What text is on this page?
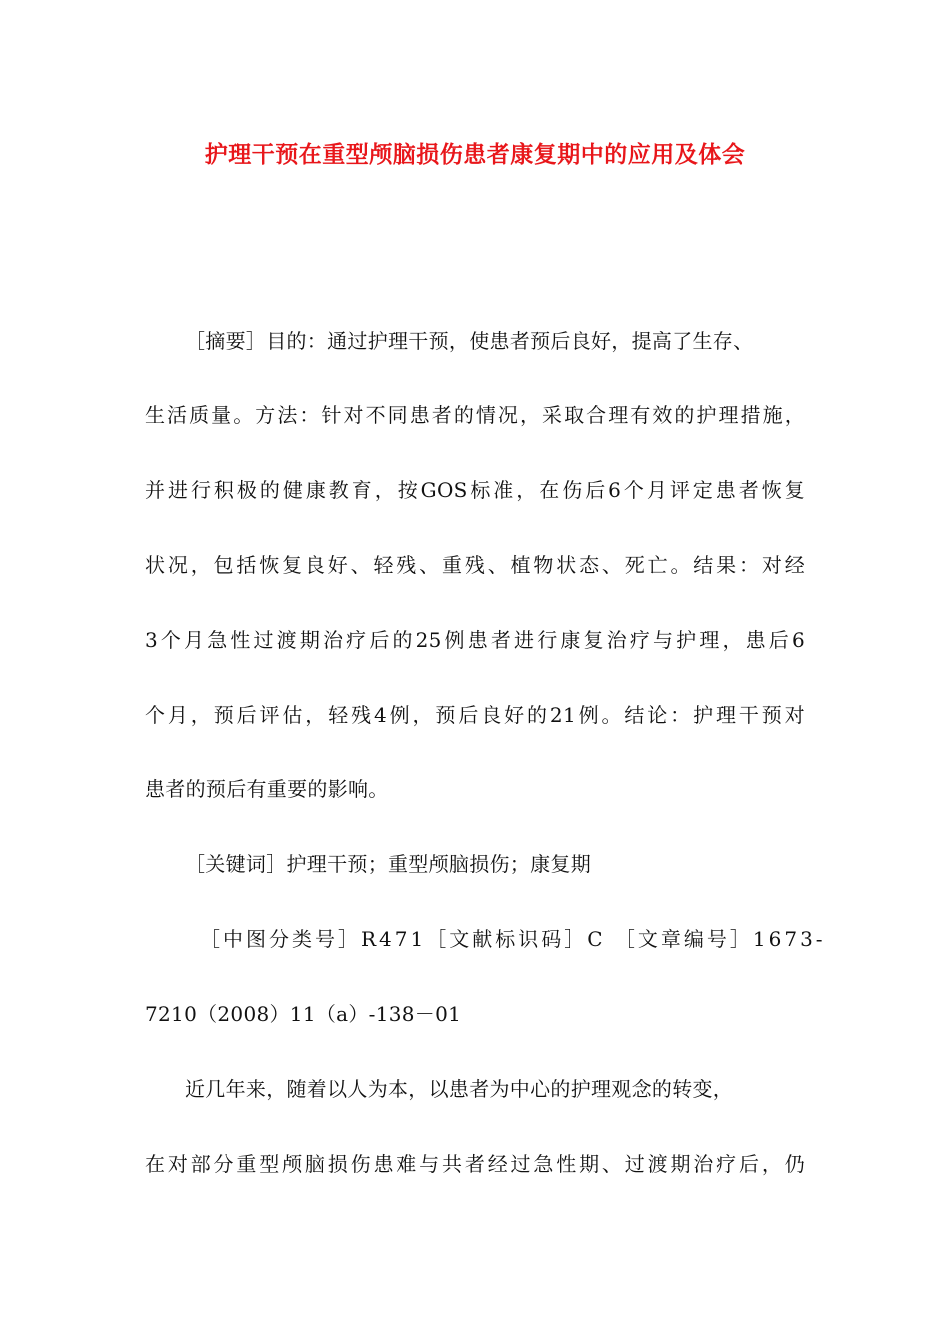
护理干预在重型颅脑损伤患者康复期中的应用及体会
［摘要］目的：通过护理干预，使患者预后良好，提高了生存、
生活质量。方法：针对不同患者的情况，采取合理有效的护理措施，
并进行积极的健康教育，按GOS标准，在伤后6个月评定患者恢复
状况，包括恢复良好、轻残、重残、植物状态、死亡。结果：对经
3个月急性过渡期治疗后的25例患者进行康复治疗与护理，患后6
个月，预后评估，轻残4例，预后良好的21例。结论：护理干预对
患者的预后有重要的影响。
［关键词］护理干预；重型颅脑损伤；康复期
［中图分类号］R471［文献标识码］C ［文章编号］1673-
7210（2008）11（a）-138－01
近几年来，随着以人为本，以患者为中心的护理观念的转变，
在对部分重型颅脑损伤患难与共者经过急性期、过渡期治疗后，仍
